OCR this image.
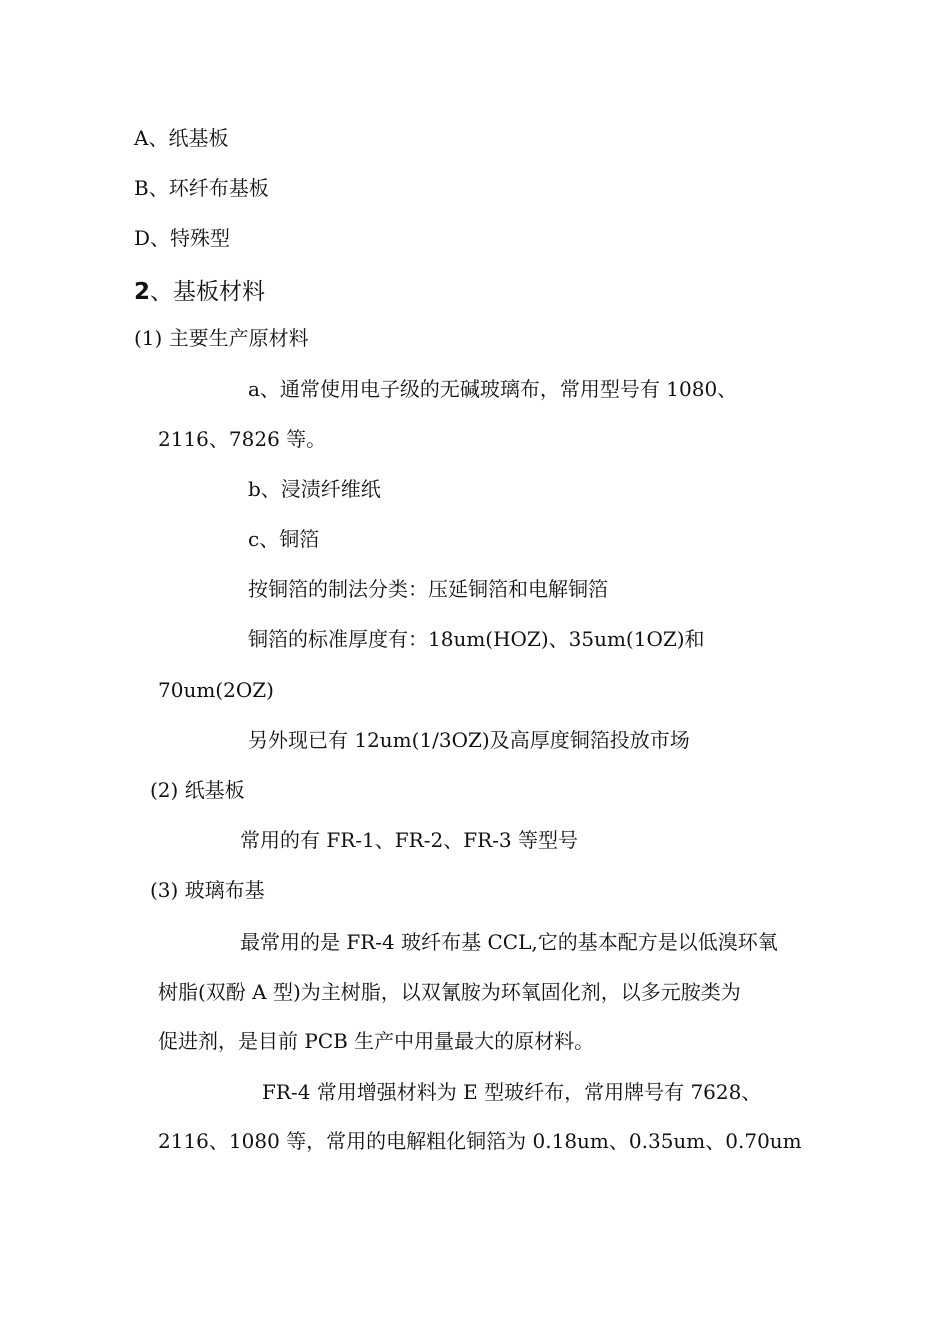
A、纸基板
B、环纤布基板
D、特殊型
2、基板材料
(1) 主要生产原材料
a、通常使用电子级的无碱玻璃布，常用型号有 1080、
2116、7826 等。
b、浸渍纤维纸
c、铜箔
按铜箔的制法分类：压延铜箔和电解铜箔
铜箔的标准厚度有：18um(HOZ)、35um(1OZ)和
70um(2OZ)
另外现已有 12um(1/3OZ)及高厚度铜箔投放市场
(2) 纸基板
常用的有 FR-1、FR-2、FR-3 等型号
(3) 玻璃布基
最常用的是 FR-4 玻纤布基 CCL,它的基本配方是以低溴环氧
树脂(双酚 A 型)为主树脂，以双氰胺为环氧固化剂，以多元胺类为
促进剂，是目前 PCB 生产中用量最大的原材料。
FR-4 常用增强材料为 E 型玻纤布，常用牌号有 7628、
2116、1080 等，常用的电解粗化铜箔为 0.18um、0.35um、0.70um
